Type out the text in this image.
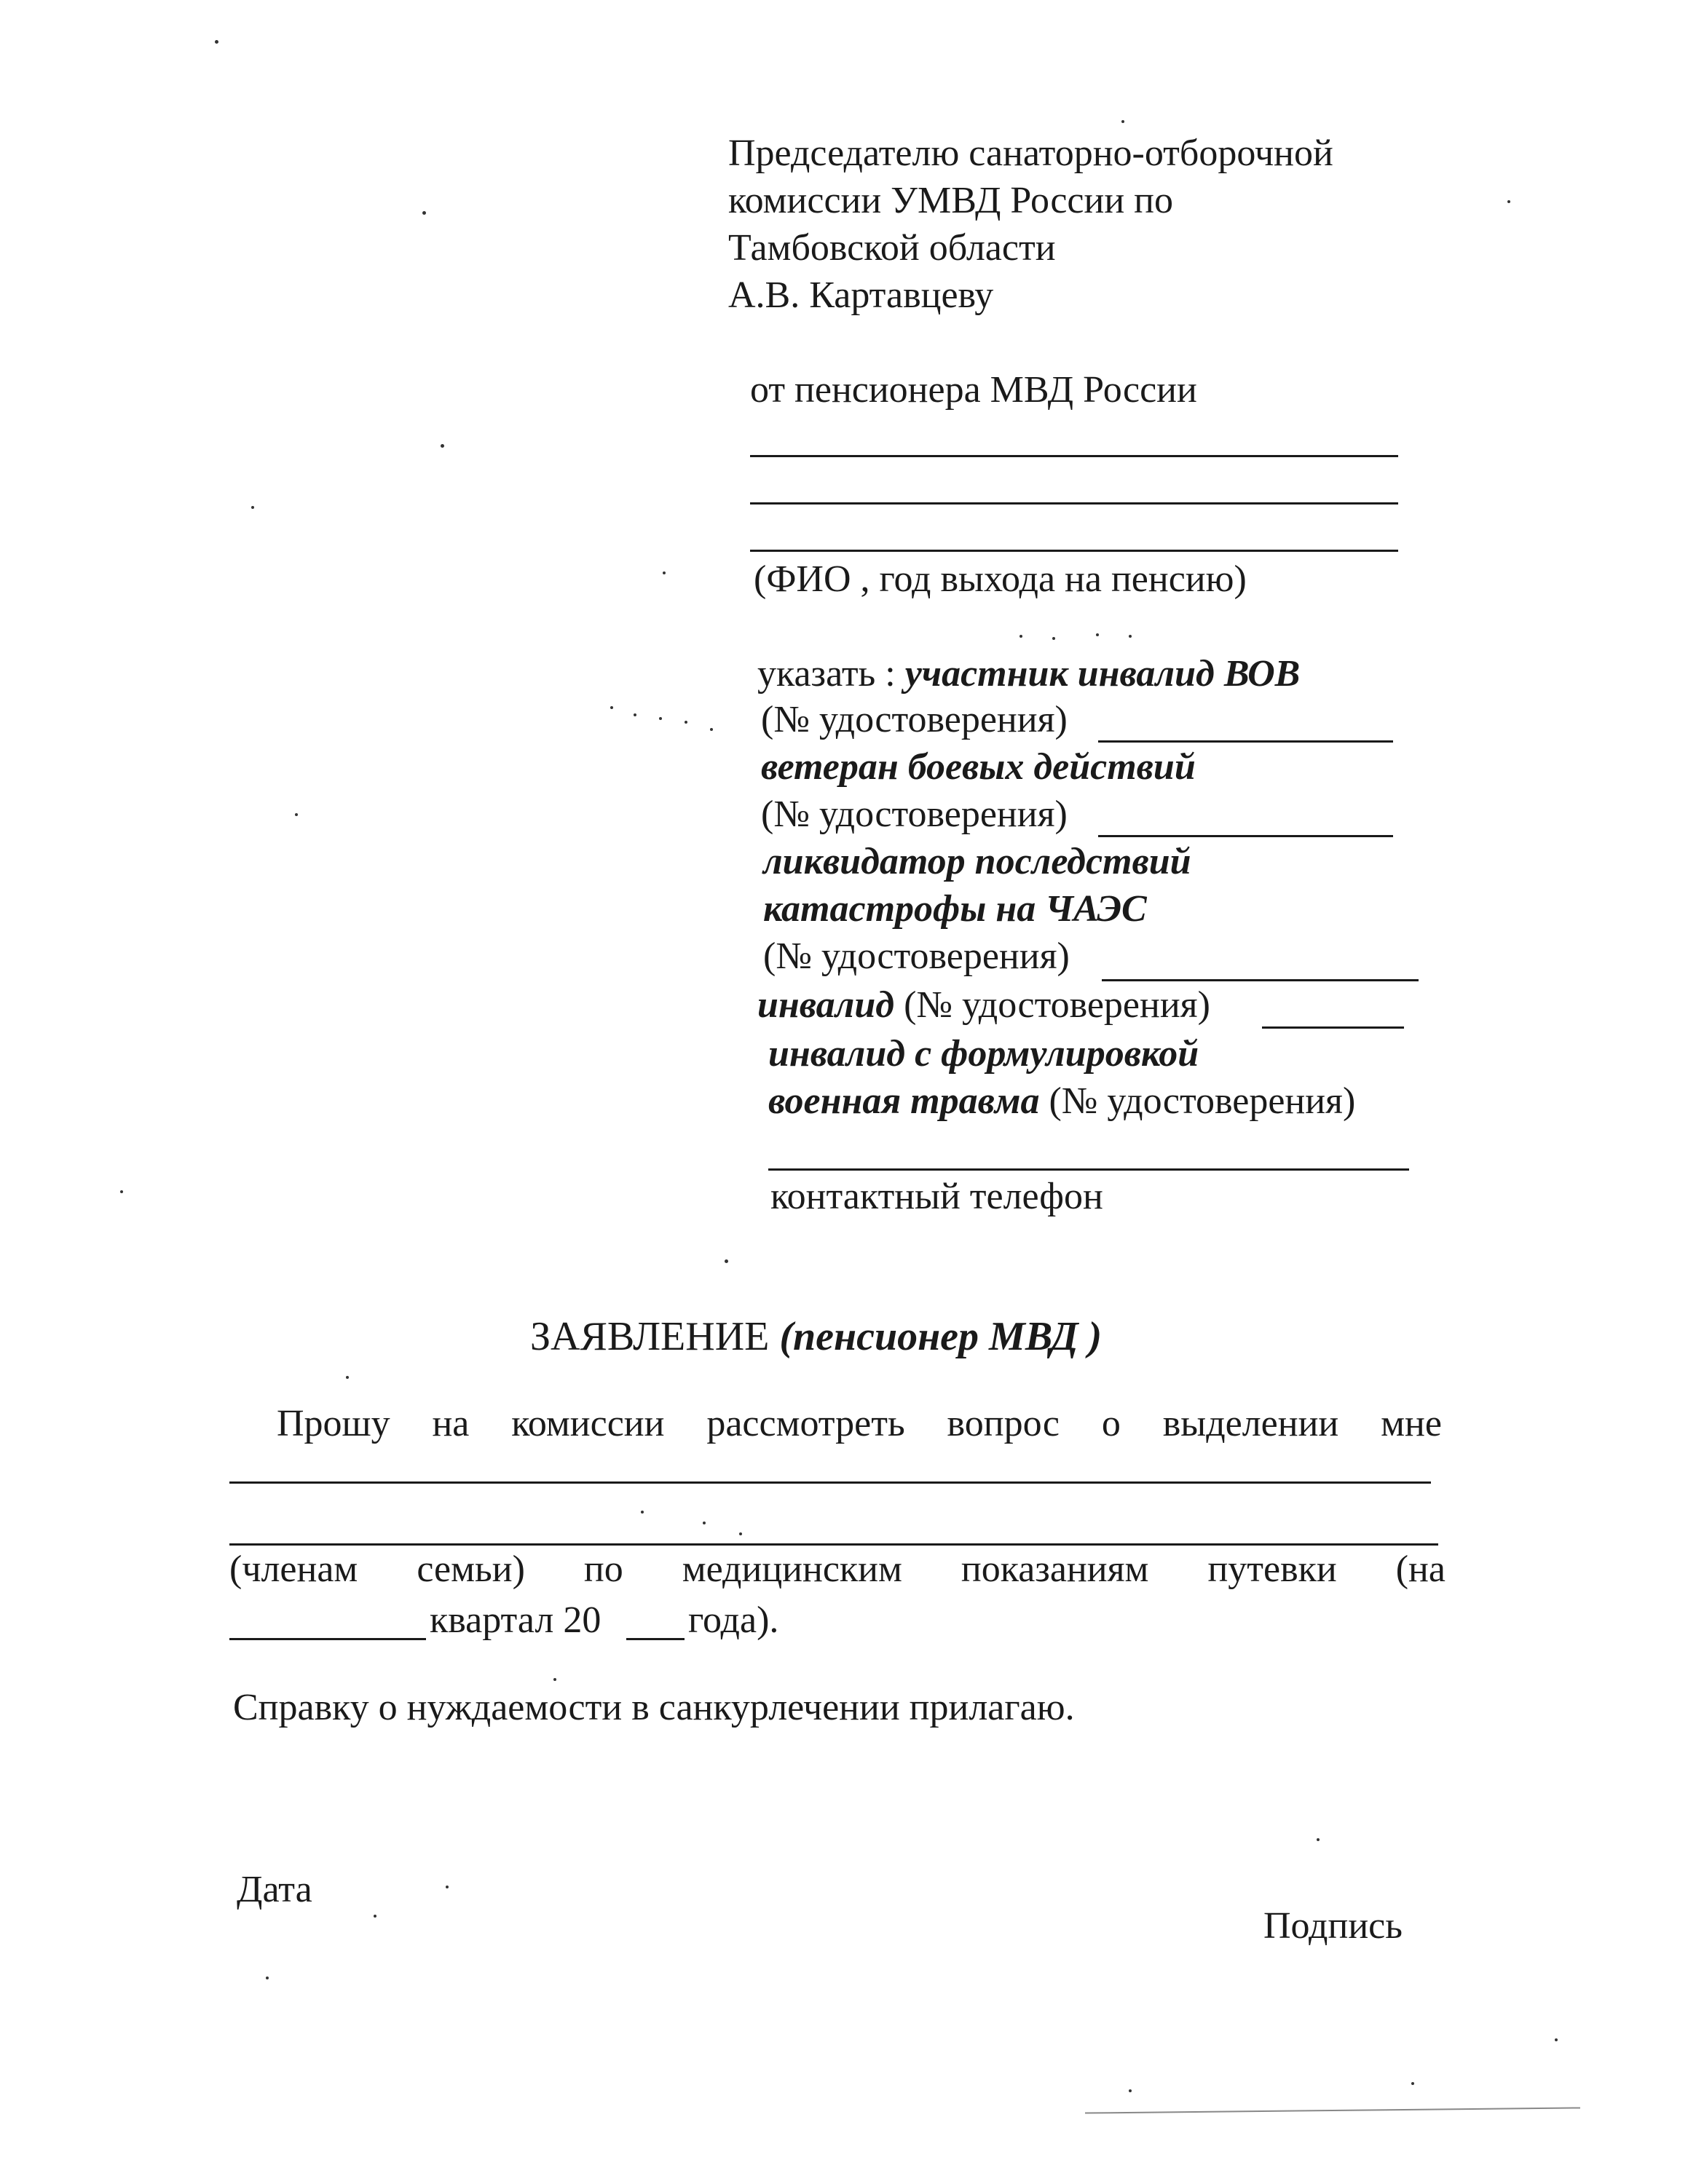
Председателю санаторно-отборочной
комиссии УМВД России по
Тамбовской области
А.В. Картавцеву
от пенсионера МВД России
(ФИО , год выхода на пенсию)
указать : участник инвалид ВОВ
(№ удостоверения)
ветеран боевых действий
(№ удостоверения)
ликвидатор последствий
катастрофы на ЧАЭС
(№ удостоверения)
инвалид (№ удостоверения)
инвалид с формулировкой
военная травма (№ удостоверения)
контактный телефон
ЗАЯВЛЕНИЕ (пенсионер МВД )
Прошу на комиссии рассмотреть вопрос о выделении мне
(членам семьи) по медицинским показаниям путевки (на
квартал 20 года).
Справку о нуждаемости в санкурлечении прилагаю.
Дата
Подпись
